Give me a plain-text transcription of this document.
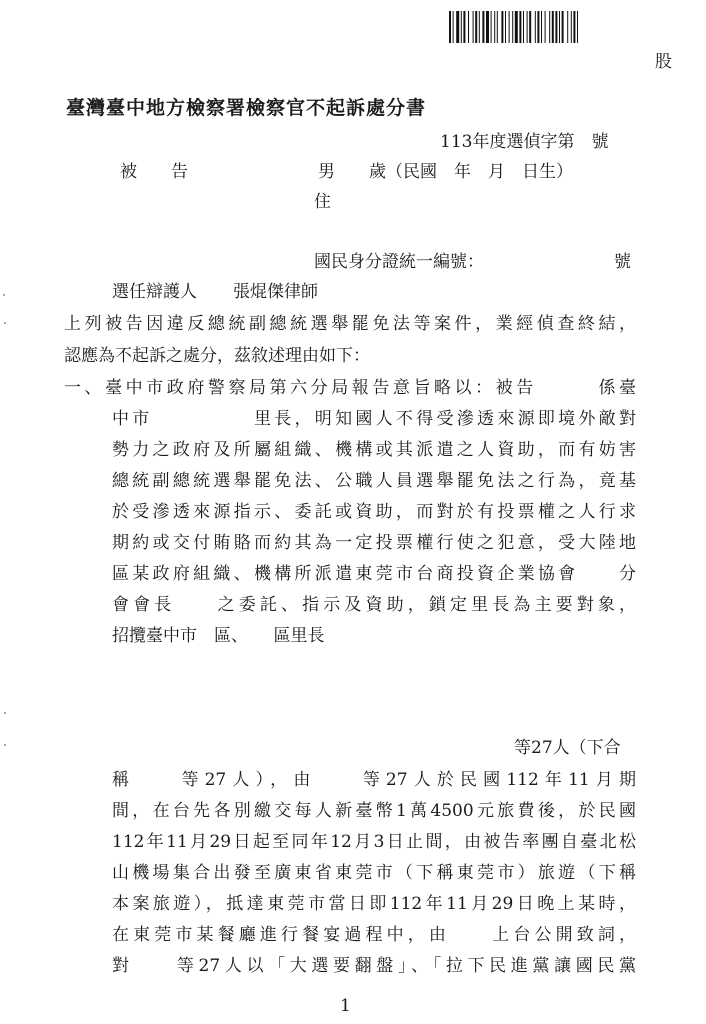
股
臺灣臺中地方檢察署檢察官不起訴處分書
113年度選偵字第　號
被　　告	男　　歲（民國　年　月　日生）
住
國民身分證統一編號：	號
選任辯護人 張焜傑律師
上列被告因違反總統副總統選舉罷免法等案件，業經偵查終結，
認應為不起訴之處分，茲敘述理由如下：
一、臺中市政府警察局第六分局報告意旨略以：被告　　　係臺
中市　　　　　里長，明知國人不得受滲透來源即境外敵對
勢力之政府及所屬組織、機構或其派遣之人資助，而有妨害
總統副總統選舉罷免法、公職人員選舉罷免法之行為，竟基
於受滲透來源指示、委託或資助，而對於有投票權之人行求
期約或交付賄賂而約其為一定投票權行使之犯意，受大陸地
區某政府組織、機構所派遣東莞市台商投資企業協會　　分
會會長　　之委託、指示及資助，鎖定里長為主要對象，
招攬臺中市　區、　　區里長
等27人（下合
稱　　等27人），由　　等27人於民國112年11月期
間，在台先各別繳交每人新臺幣1萬4500元旅費後，於民國
112年11月29日起至同年12月3日止間，由被告率團自臺北松
山機場集合出發至廣東省東莞市（下稱東莞市）旅遊（下稱
本案旅遊），抵達東莞市當日即112年11月29日晚上某時，
在東莞市某餐廳進行餐宴過程中，由　　上台公開致詞，
對　　等27人以「大選要翻盤」、「拉下民進黨讓國民黨
1
